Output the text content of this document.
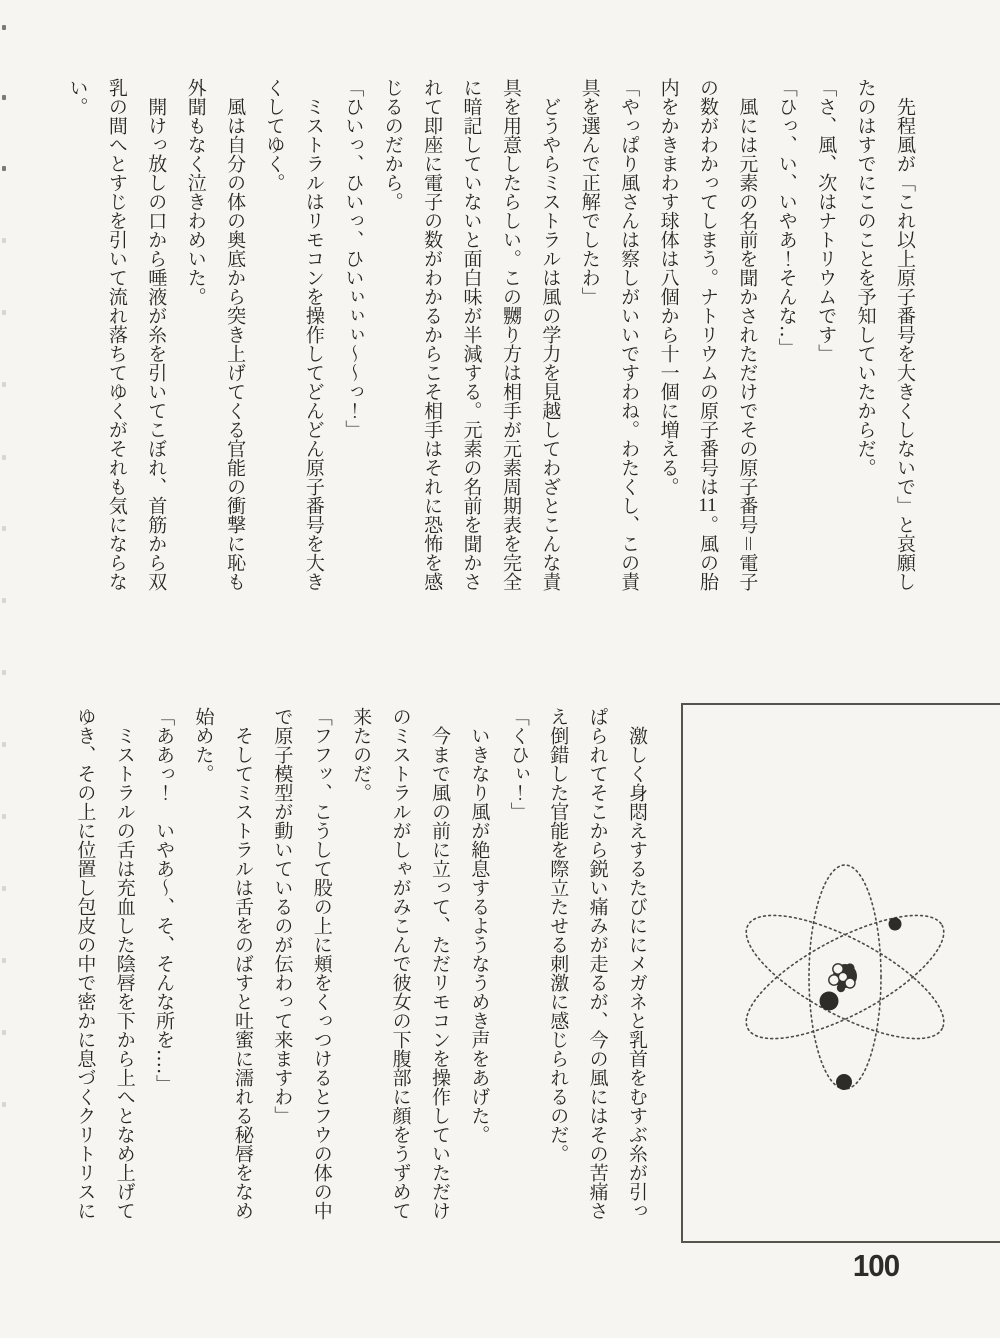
先程風が「これ以上原子番号を大きくしないで」と哀願したのはすでにこのことを予知していたからだ。

「さ、風、次はナトリウムです」

「ひっ、い、いやあ！そんな‥」

風には元素の名前を聞かされただけでその原子番号＝電子の数がわかってしまう。ナトリウムの原子番号は11。風の胎内をかきまわす球体は八個から十一個に増える。

「やっぱり風さんは察しがいいですわね。わたくし、この責具を選んで正解でしたわ」

どうやらミストラルは風の学力を見越してわざとこんな責具を用意したらしい。この嬲り方は相手が元素周期表を完全に暗記していないと面白味が半減する。元素の名前を聞かされて即座に電子の数がわかるからこそ相手はそれに恐怖を感じるのだから。

「ひいっ、ひいっ、ひいぃぃぃ～～っ！」

ミストラルはリモコンを操作してどんどん原子番号を大きくしてゆく。

風は自分の体の奥底から突き上げてくる官能の衝撃に恥も外聞もなく泣きわめいた。

開けっ放しの口から唾液が糸を引いてこぼれ、首筋から双乳の間へとすじを引いて流れ落ちてゆくがそれも気にならない。

激しく身悶えするたびににメガネと乳首をむすぶ糸が引っぱられてそこから鋭い痛みが走るが、今の風にはその苦痛さえ倒錯した官能を際立たせる刺激に感じられるのだ。

「くひぃ！」

いきなり風が絶息するようなうめき声をあげた。

今まで風の前に立って、ただリモコンを操作していただけのミストラルがしゃがみこんで彼女の下腹部に顔をうずめて来たのだ。

「フフッ、こうして股の上に頬をくっつけるとフウの体の中で原子模型が動いているのが伝わって来ますわ」

そしてミストラルは舌をのばすと吐蜜に濡れる秘唇をなめ始めた。

「ああっ！　いやあ～、そ、そんな所を‥‥」

ミストラルの舌は充血した陰唇を下から上へとなめ上げてゆき、その上に位置し包皮の中で密かに息づくクリトリスに

100
